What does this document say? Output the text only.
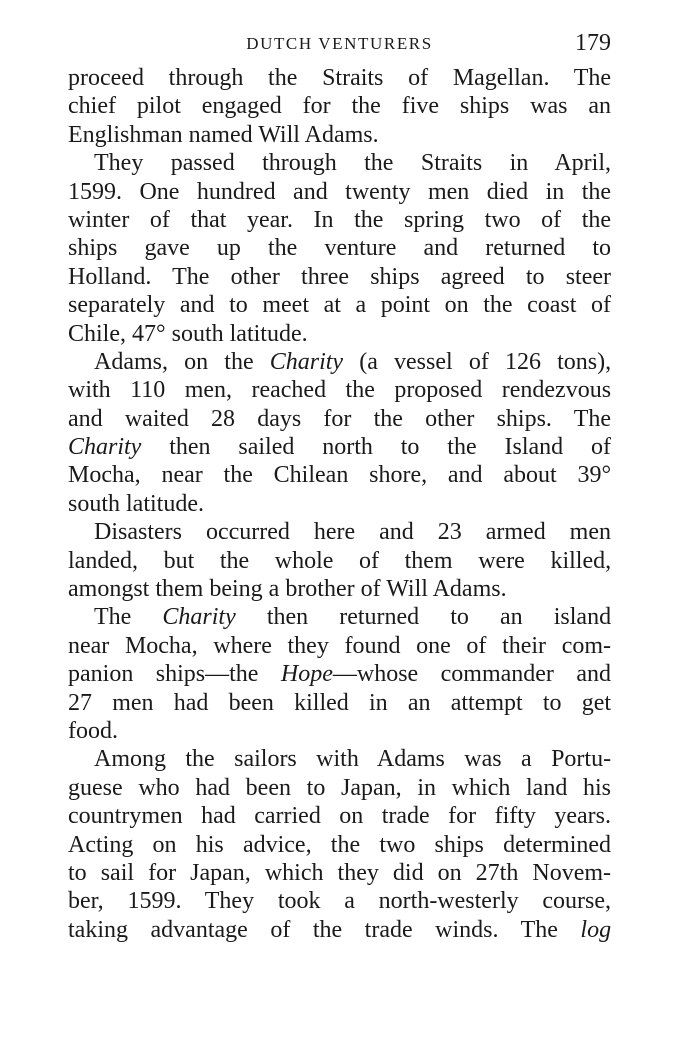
DUTCH VENTURERS	179
proceed through the Straits of Magellan. The
chief pilot engaged for the five ships was an
Englishman named Will Adams.
They passed through the Straits in April,
1599. One hundred and twenty men died in the
winter of that year. In the spring two of the
ships gave up the venture and returned to
Holland. The other three ships agreed to steer
separately and to meet at a point on the coast of
Chile, 47° south latitude.
Adams, on the Charity (a vessel of 126 tons),
with 110 men, reached the proposed rendezvous
and waited 28 days for the other ships. The
Charity then sailed north to the Island of
Mocha, near the Chilean shore, and about 39°
south latitude.
Disasters occurred here and 23 armed men
landed, but the whole of them were killed,
amongst them being a brother of Will Adams.
The Charity then returned to an island
near Mocha, where they found one of their com-
panion ships—the Hope—whose commander and
27 men had been killed in an attempt to get
food.
Among the sailors with Adams was a Portu-
guese who had been to Japan, in which land his
countrymen had carried on trade for fifty years.
Acting on his advice, the two ships determined
to sail for Japan, which they did on 27th Novem-
ber, 1599. They took a north-westerly course,
taking advantage of the trade winds. The log
